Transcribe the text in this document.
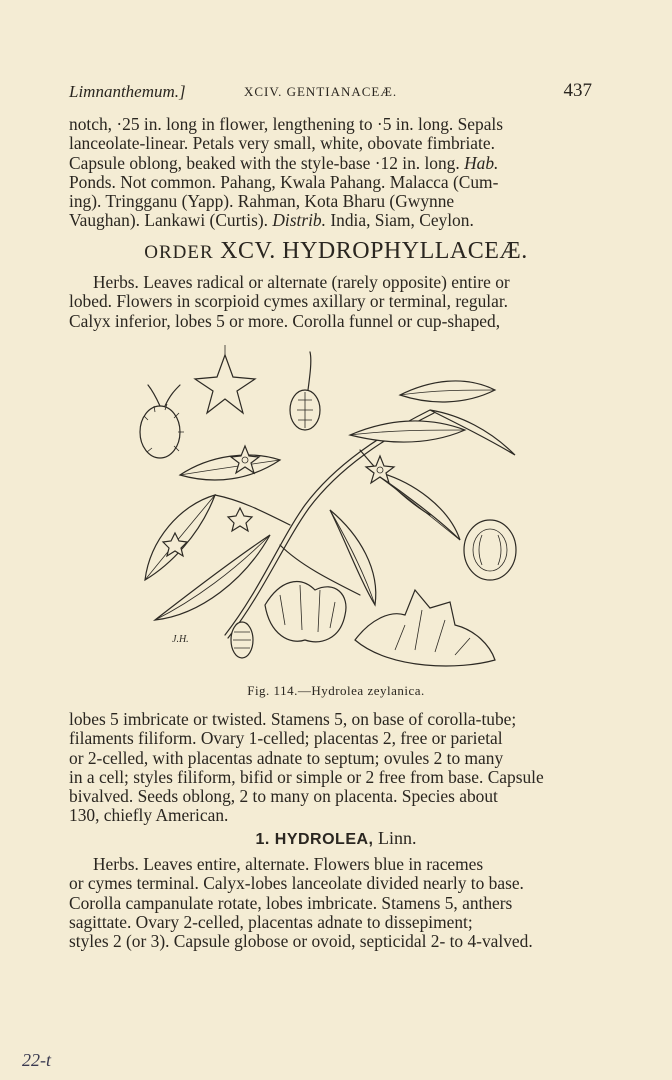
Limnanthemum.]	XCIV. GENTIANACEÆ.	437
notch, ·25 in. long in flower, lengthening to ·5 in. long. Sepals
lanceolate-linear. Petals very small, white, obovate fimbriate.
Capsule oblong, beaked with the style-base ·12 in. long. Hab.
Ponds. Not common. Pahang, Kwala Pahang. Malacca (Cum-
ing). Tringganu (Yapp). Rahman, Kota Bharu (Gwynne
Vaughan). Lankawi (Curtis). Distrib. India, Siam, Ceylon.
ORDER XCV. HYDROPHYLLACEÆ.
Herbs. Leaves radical or alternate (rarely opposite) entire or
lobed. Flowers in scorpioid cymes axillary or terminal, regular.
Calyx inferior, lobes 5 or more. Corolla funnel or cup-shaped,
J.H.
Fig. 114.—Hydrolea zeylanica.
lobes 5 imbricate or twisted. Stamens 5, on base of corolla-tube;
filaments filiform. Ovary 1-celled; placentas 2, free or parietal
or 2-celled, with placentas adnate to septum; ovules 2 to many
in a cell; styles filiform, bifid or simple or 2 free from base. Capsule
bivalved. Seeds oblong, 2 to many on placenta. Species about
130, chiefly American.
1. HYDROLEA, Linn.
Herbs. Leaves entire, alternate. Flowers blue in racemes
or cymes terminal. Calyx-lobes lanceolate divided nearly to base.
Corolla campanulate rotate, lobes imbricate. Stamens 5, anthers
sagittate. Ovary 2-celled, placentas adnate to dissepiment;
styles 2 (or 3). Capsule globose or ovoid, septicidal 2- to 4-valved.
22-t
